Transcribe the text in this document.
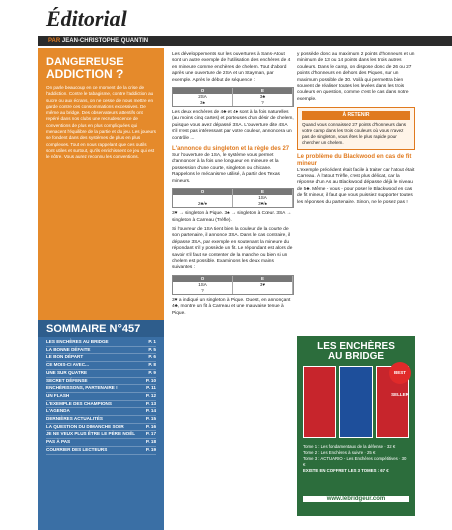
Éditorial
PAR JEAN-CHRISTOPHE QUANTIN
DANGEREUSE
ADDICTION ?
On parle beaucoup en ce moment de la crise de l'addiction. Contre le tabagisme, contre l'addiction au sucre ou aux écrans, on ne cesse de nous mettre en garde contre ces consommations excessives. De même au bridge. Des observateurs attentifs ont repéré dans nos clubs une recrudescence de conventions de plus en plus compliquées qui menacent l'équilibre de la partie et du jeu. Les joueurs se fondent dans des systèmes de plus en plus complexes. Tout en nous rappelant que ces outils sont utiles et surtout, qu'ils enrichissent ce jeu qui est le nôtre. Vous aurez reconnu les conventions.
SOMMAIRE N°457
LES ENCHÈRES AU BRIDGE	P. 1
LA BONNE DÉFAITE	P. 5
LE BON DÉPART	P. 6
CE MOIS-CI AVEC...	P. 8
UNE SUR QUATRE	P. 9
SECRET DÉFENSE	P. 10
ENCHÉRISSONS, PARTENAIRE !	P. 11
UN FLASH	P. 12
L'EXEMPLE DES CHAMPIONS	P. 13
L'AGENDA	P. 14
DERNIÈRES ACTUALITÉS	P. 15
LA QUESTION DU DIMANCHE SOIR	P. 16
JE NE VEUX PLUS ÊTRE LE PÈRE NOËL P. 17
PAS À PAS	P. 18
COURRIER DES LECTEURS	P. 19
Les développements sur les ouvertures à Sans-Atout sont un autre exemple de l'utilisation des enchères de 4 en mineure comme enchères de chelem. Tout d'abord après une ouverture de 2SA et un Stayman, par exemple. Après le début de séquence :
O	E
2SA	3♣
3♠	?
Les deux enchères de 4♣ et 4♦ sont à la fois naturelles (au moins cinq cartes) et porteuses d'un désir de chelem, puisque vous avez dépassé 3SA. L'ouverture dite 4SA s'il n'est pas intéressant par votre couleur, annoncera un contrôle ...
L'annonce du singleton et la règle des 27
Sur l'ouverture de 1SA, le système vous permet d'annoncer à la fois une longueur en mineure et la possession d'une courte, singleton ou chicane. Rappelons le mécanisme utilisé, à partir des Texas mineurs.
O	E
1SA
2♣/♦	3♥/♠
3♥ → singleton à Pique. 3♠ → singleton à Cœur. 3SA → singleton à Carreau (Trèfle).
Si l'ouvreur de 1SA tient bien la couleur de la courte de son partenaire, il annonce 3SA. Dans le cas contraire, il dépasse 3SA, par exemple en soutenant la mineure du répondant s'il y possède un fit. Le répondant est alors de savoir s'il faut se contenter de la manche ou bien si un chelem est possible. Examinons les deux mains suivantes :
O	E
1SA	3♥
?
3♥ a indiqué un singleton à Pique. Ouest, en annonçant 4♣, montre un fit à Carreau et une mauvaise tenue à Pique.
y possède donc au maximum 2 points d'honneurs et un minimum de 13 ou 14 points dans les trois autres couleurs. Dans le camp, on dispose donc de 26 ou 27 points d'honneurs en dehors des Piques, sur un maximum possible de 30. Voilà qui permettra bien souvent de réaliser toutes les levées dans les trois couleurs en question, comme c'est le cas dans notre exemple.
À RETENIR
Quand vous connaissez 27 points d'honneurs dans votre camp dans les trois couleurs où vous n'avez pas de singleton, vous êtes le plus rapide pour chercher un chelem.
Le problème du Blackwood en cas de fit mineur
L'exemple précédent était facile à traiter car l'atout était Carreau. À l'atout Trèfle, c'est plus délicat, car la réponse d'un As au Blackwood dépasse déjà le niveau de 5♣. Même - vous - pour poser le Blackwood en cas de fit mineur, il faut que vous puissiez supporter toutes les réponses du partenaire. Sinon, ne le posez pas !
LES ENCHÈRES
AU BRIDGE
BEST SELLER
Tome 1 : Les fondamentaux de la défense · 32 €
Tome 2 : Les Enchères à suivre · 25 €
Tome 3 : ACTUARIO - Les Enchères compétitives · 30 €
EXISTE EN COFFRET LES 3 TOMES : 67 €
www.lebridgeur.com
